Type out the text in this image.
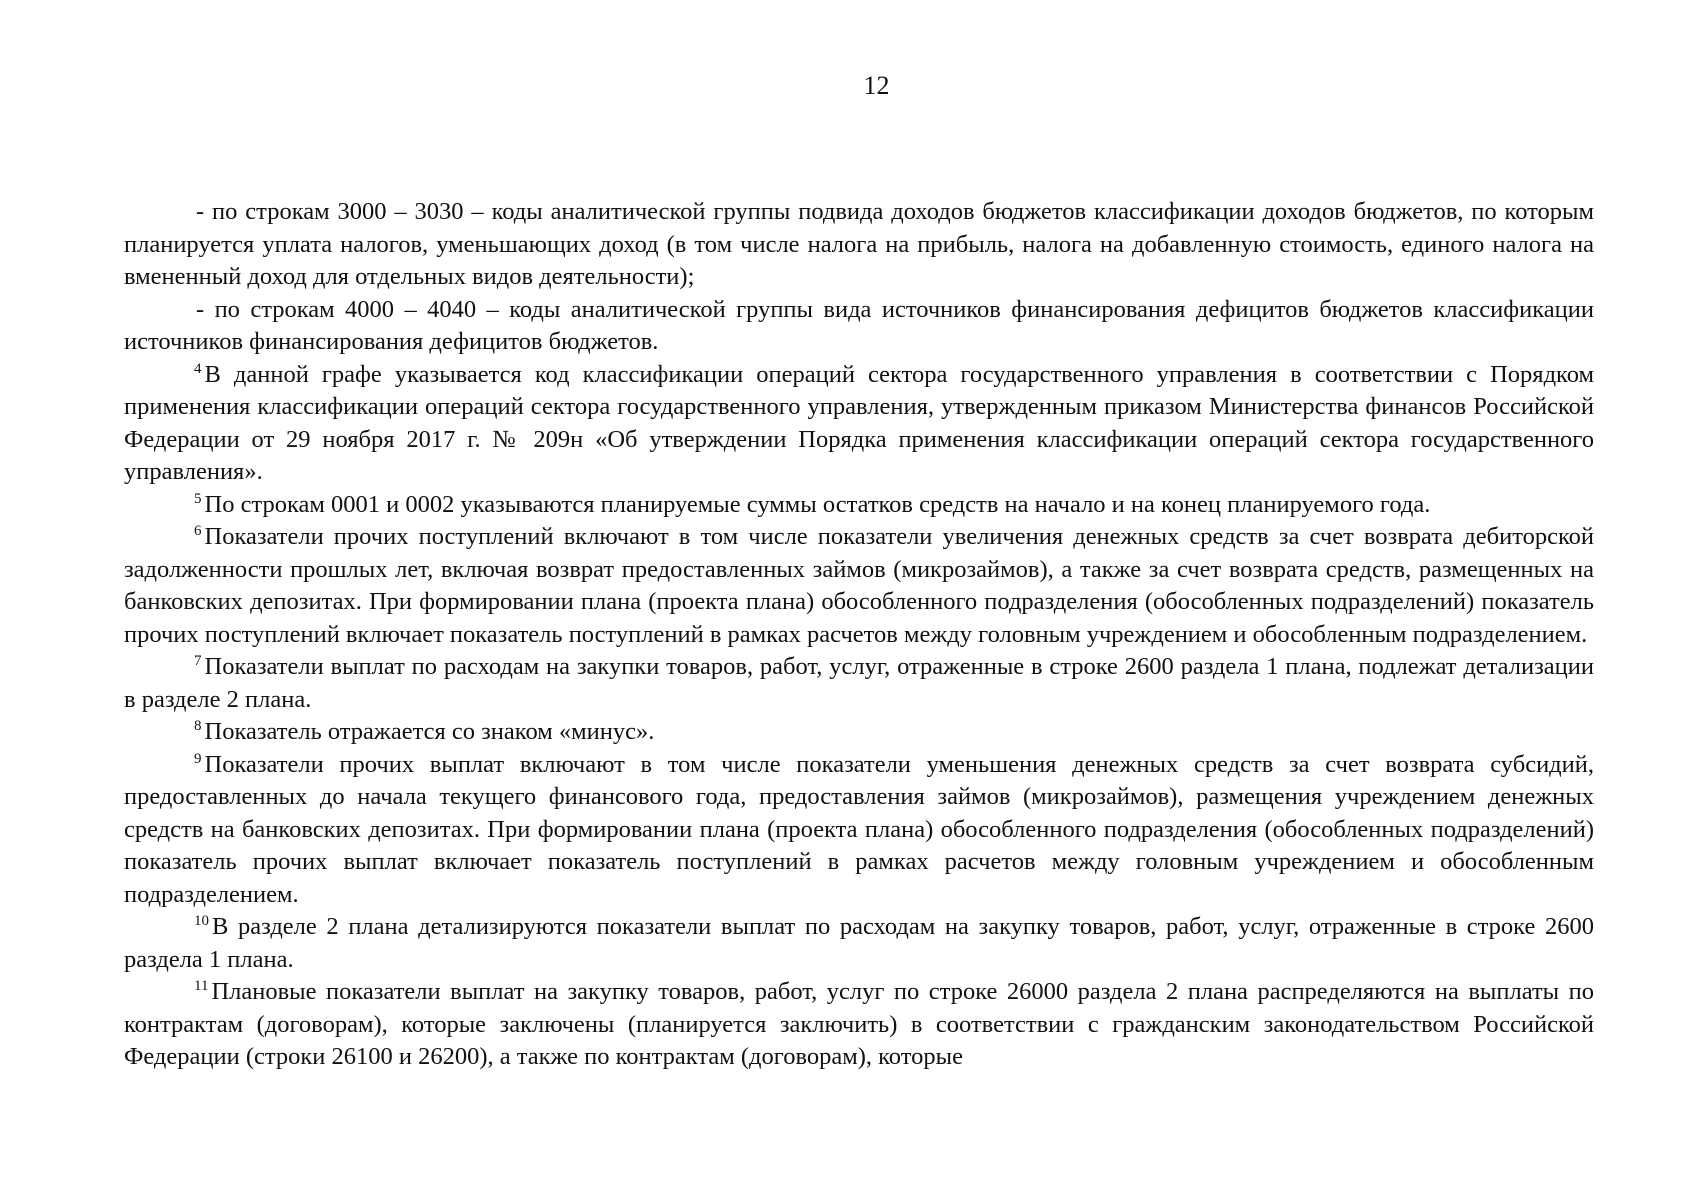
12

- по строкам 3000 – 3030 – коды аналитической группы подвида доходов бюджетов классификации доходов бюджетов, по которым планируется уплата налогов, уменьшающих доход (в том числе налога на прибыль, налога на добавленную стоимость, единого налога на вмененный доход для отдельных видов деятельности);

- по строкам 4000 – 4040 – коды аналитической группы вида источников финансирования дефицитов бюджетов классификации источников финансирования дефицитов бюджетов.

$^4$ В данной графе указывается код классификации операций сектора государственного управления в соответствии с Порядком применения классификации операций сектора государственного управления, утвержденным приказом Министерства финансов Российской Федерации от 29 ноября 2017 г. № 209н «Об утверждении Порядка применения классификации операций сектора государственного управления».

$^5$ По строкам 0001 и 0002 указываются планируемые суммы остатков средств на начало и на конец планируемого года.

$^6$ Показатели прочих поступлений включают в том числе показатели увеличения денежных средств за счет возврата дебиторской задолженности прошлых лет, включая возврат предоставленных займов (микрозаймов), а также за счет возврата средств, размещенных на банковских депозитах. При формировании плана (проекта плана) обособленного подразделения (обособленных подразделений) показатель прочих поступлений включает показатель поступлений в рамках расчетов между головным учреждением и обособленным подразделением.

$^7$ Показатели выплат по расходам на закупки товаров, работ, услуг, отраженные в строке 2600 раздела 1 плана, подлежат детализации в разделе 2 плана.

$^8$ Показатель отражается со знаком «минус».

$^9$ Показатели прочих выплат включают в том числе показатели уменьшения денежных средств за счет возврата субсидий, предоставленных до начала текущего финансового года, предоставления займов (микрозаймов), размещения учреждением денежных средств на банковских депозитах. При формировании плана (проекта плана) обособленного подразделения (обособленных подразделений) показатель прочих выплат включает показатель поступлений в рамках расчетов между головным учреждением и обособленным подразделением.

$^{10}$ В разделе 2 плана детализируются показатели выплат по расходам на закупку товаров, работ, услуг, отраженные в строке 2600 раздела 1 плана.

$^{11}$ Плановые показатели выплат на закупку товаров, работ, услуг по строке 26000 раздела 2 плана распределяются на выплаты по контрактам (договорам), которые заключены (планируется заключить) в соответствии с гражданским законодательством Российской Федерации (строки 26100 и 26200), а также по контрактам (договорам), которые
